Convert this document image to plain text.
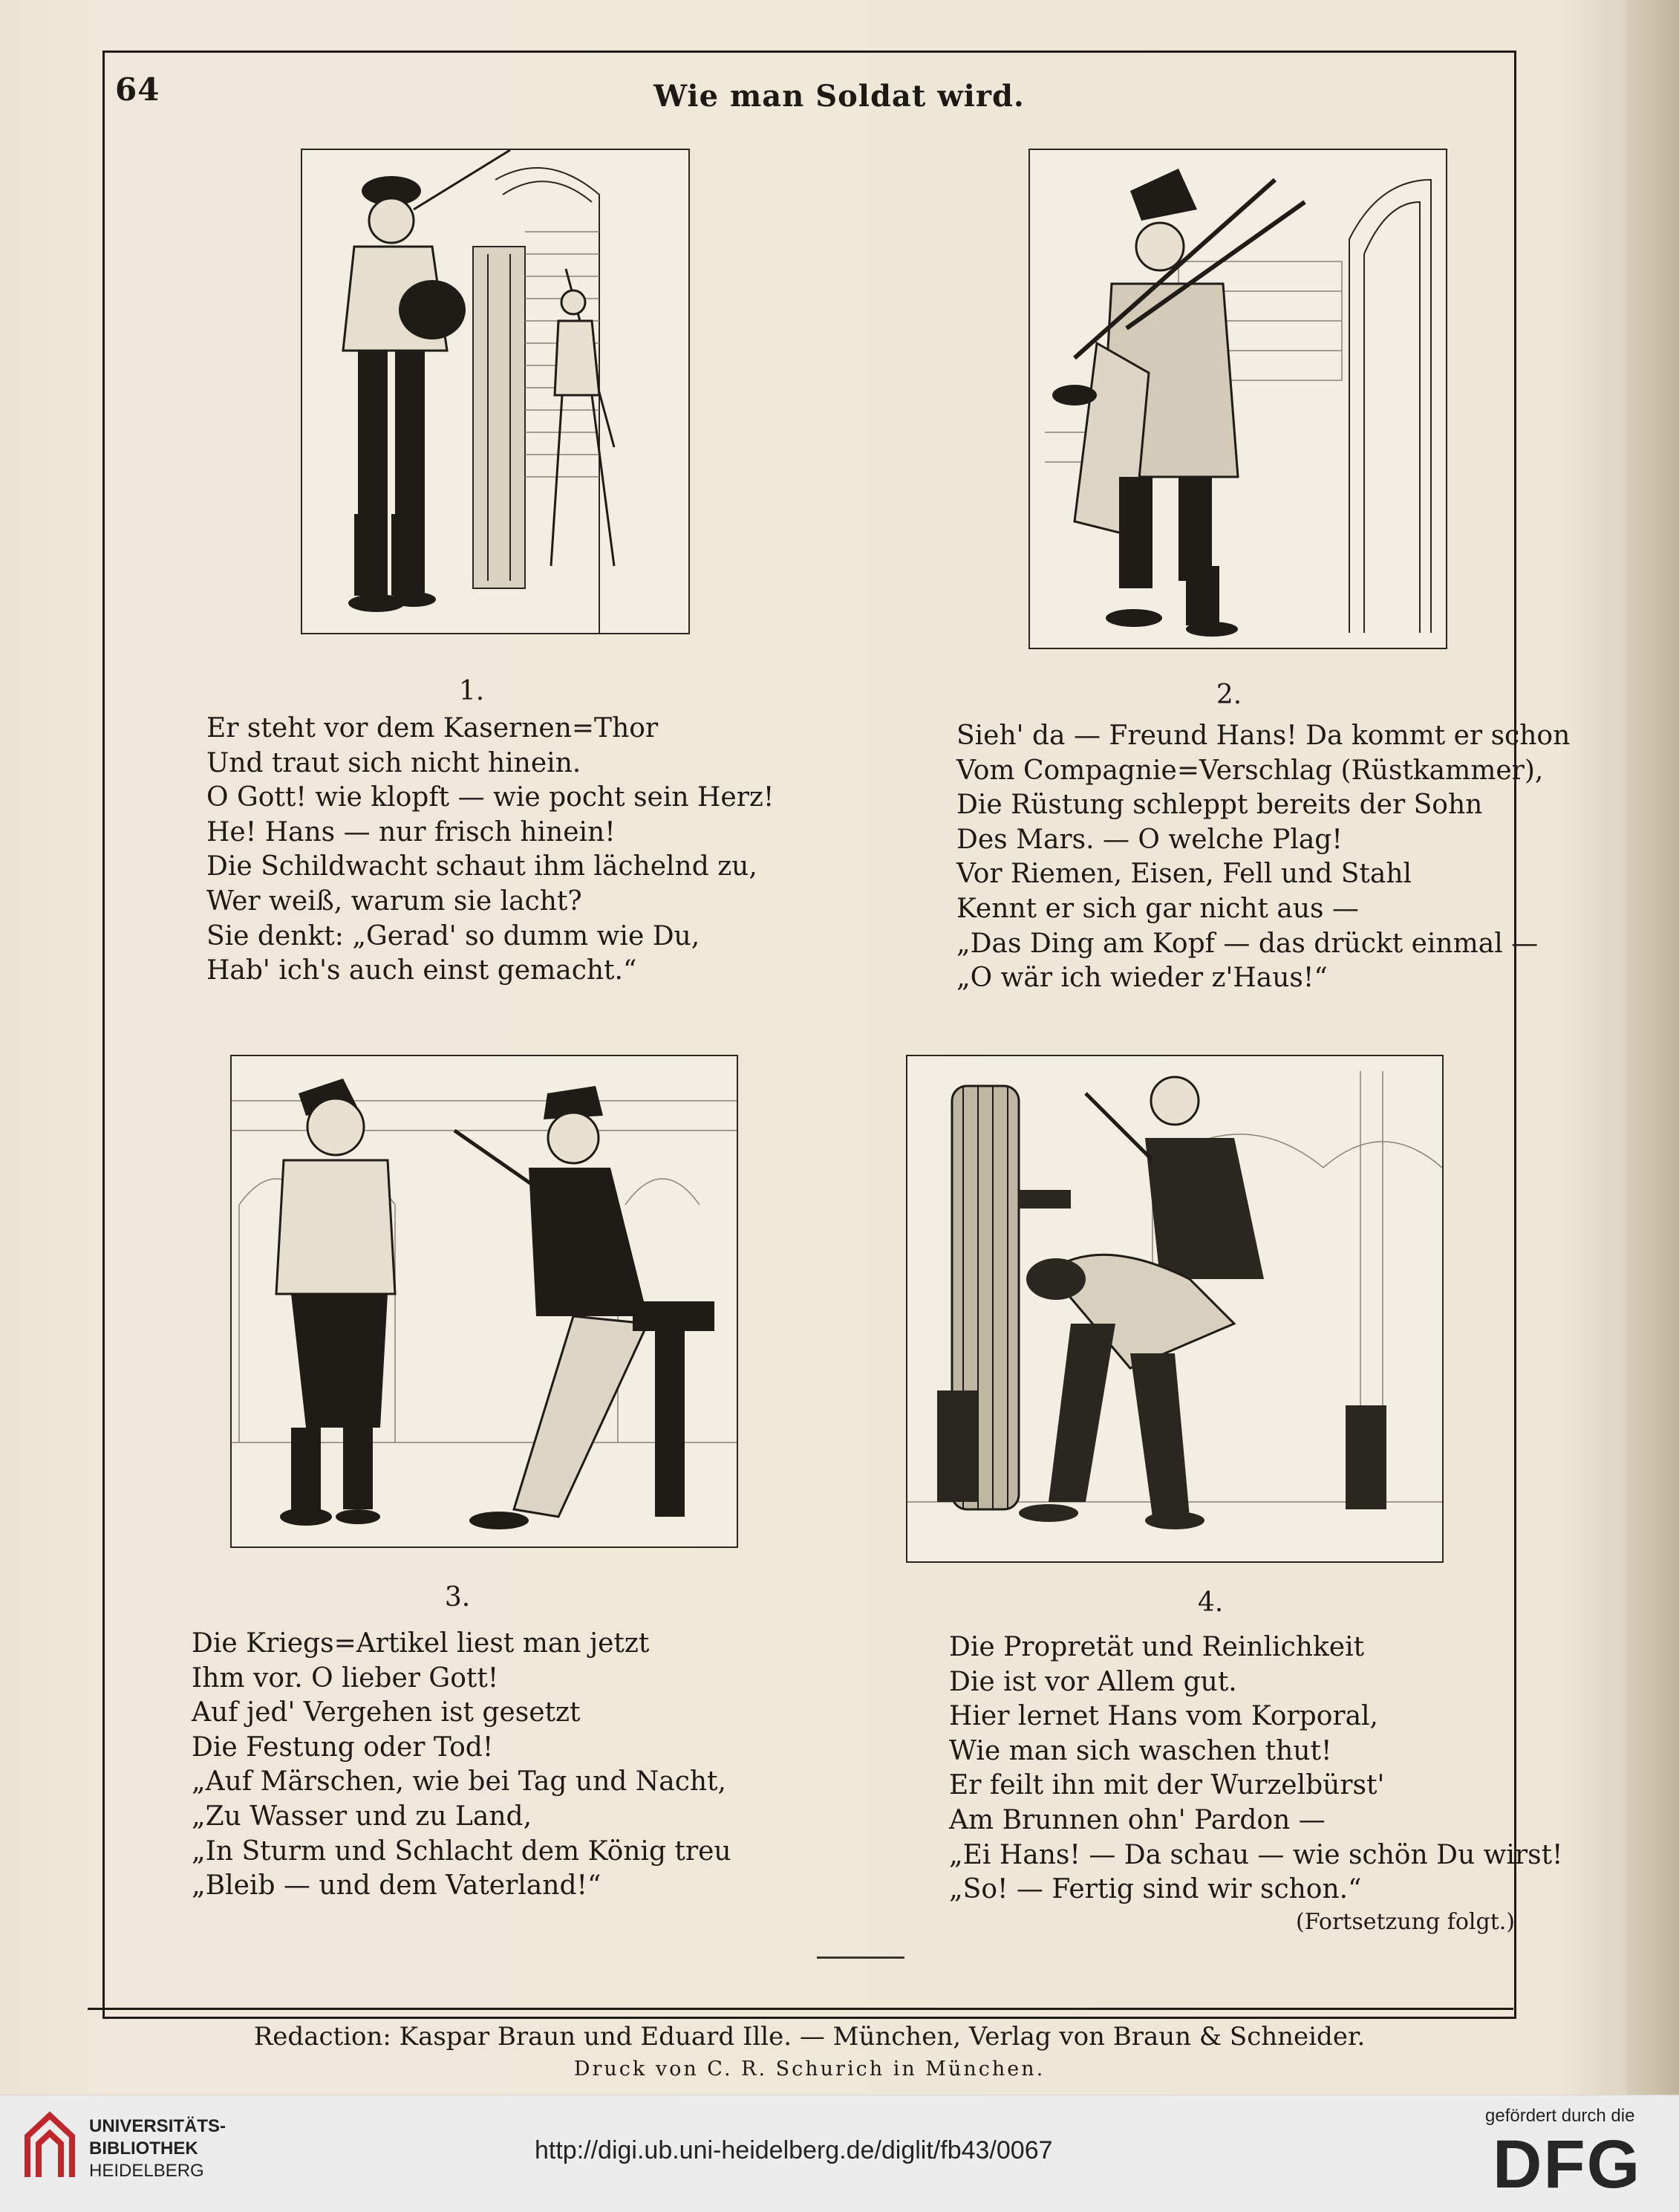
64	Wie man Soldat wird.
1.	2.
3.	4.
Er steht vor dem Kasernen=Thor
Und traut sich nicht hinein.
O Gott! wie klopft — wie pocht sein Herz!
He! Hans — nur frisch hinein!
Die Schildwacht schaut ihm lächelnd zu,
Wer weiß, warum sie lacht?
Sie denkt: „Gerad' so dumm wie Du,
Hab' ich's auch einst gemacht.“
Sieh' da — Freund Hans! Da kommt er schon
Vom Compagnie=Verschlag (Rüstkammer),
Die Rüstung schleppt bereits der Sohn
Des Mars. — O welche Plag!
Vor Riemen, Eisen, Fell und Stahl
Kennt er sich gar nicht aus —
„Das Ding am Kopf — das drückt einmal —
„O wär ich wieder z'Haus!“
Die Kriegs=Artikel liest man jetzt
Ihm vor. O lieber Gott!
Auf jed' Vergehen ist gesetzt
Die Festung oder Tod!
„Auf Märschen, wie bei Tag und Nacht,
„Zu Wasser und zu Land,
„In Sturm und Schlacht dem König treu
„Bleib — und dem Vaterland!“
Die Propretät und Reinlichkeit
Die ist vor Allem gut.
Hier lernet Hans vom Korporal,
Wie man sich waschen thut!
Er feilt ihn mit der Wurzelbürst'
Am Brunnen ohn' Pardon —
„Ei Hans! — Da schau — wie schön Du wirst!
„So! — Fertig sind wir schon.“
(Fortsetzung folgt.)
Redaction: Kaspar Braun und Eduard Ille. — München, Verlag von Braun & Schneider.
Druck von C. R. Schurich in München.
UNIVERSITÄTS-
BIBLIOTHEK
HEIDELBERG
http://digi.ub.uni-heidelberg.de/diglit/fb43/0067
gefördert durch die
DFG
